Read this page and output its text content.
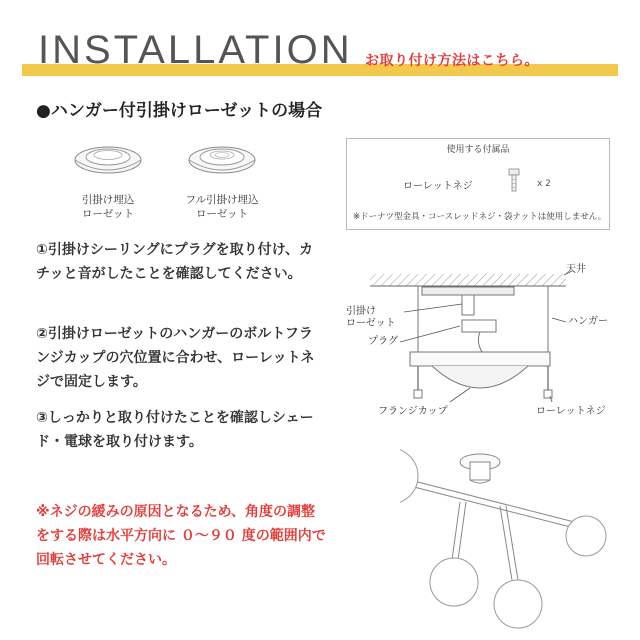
INSTALLATION お取り付け方法はこちら。
●ハンガー付引掛けローゼットの場合
引掛け埋込
ローゼット
フル引掛け埋込
ローゼット
使用する付属品
ローレットネジ	x 2
※ドーナツ型金具・コースレッドネジ・袋ナットは使用しません。
①引掛けシーリングにプラグを取り付け、カチッと音がしたことを確認してください。
②引掛けローゼットのハンガーのボルトフランジカップの穴位置に合わせ、ローレットネジで固定します。
③しっかりと取り付けたことを確認しシェード・電球を取り付けます。
※ネジの緩みの原因となるため、角度の調整をする際は水平方向に ０～９０ 度の範囲内で回転させてください。
天井
引掛け
ローゼット	ハンガー
プラグ
フランジカップ	ローレットネジ
